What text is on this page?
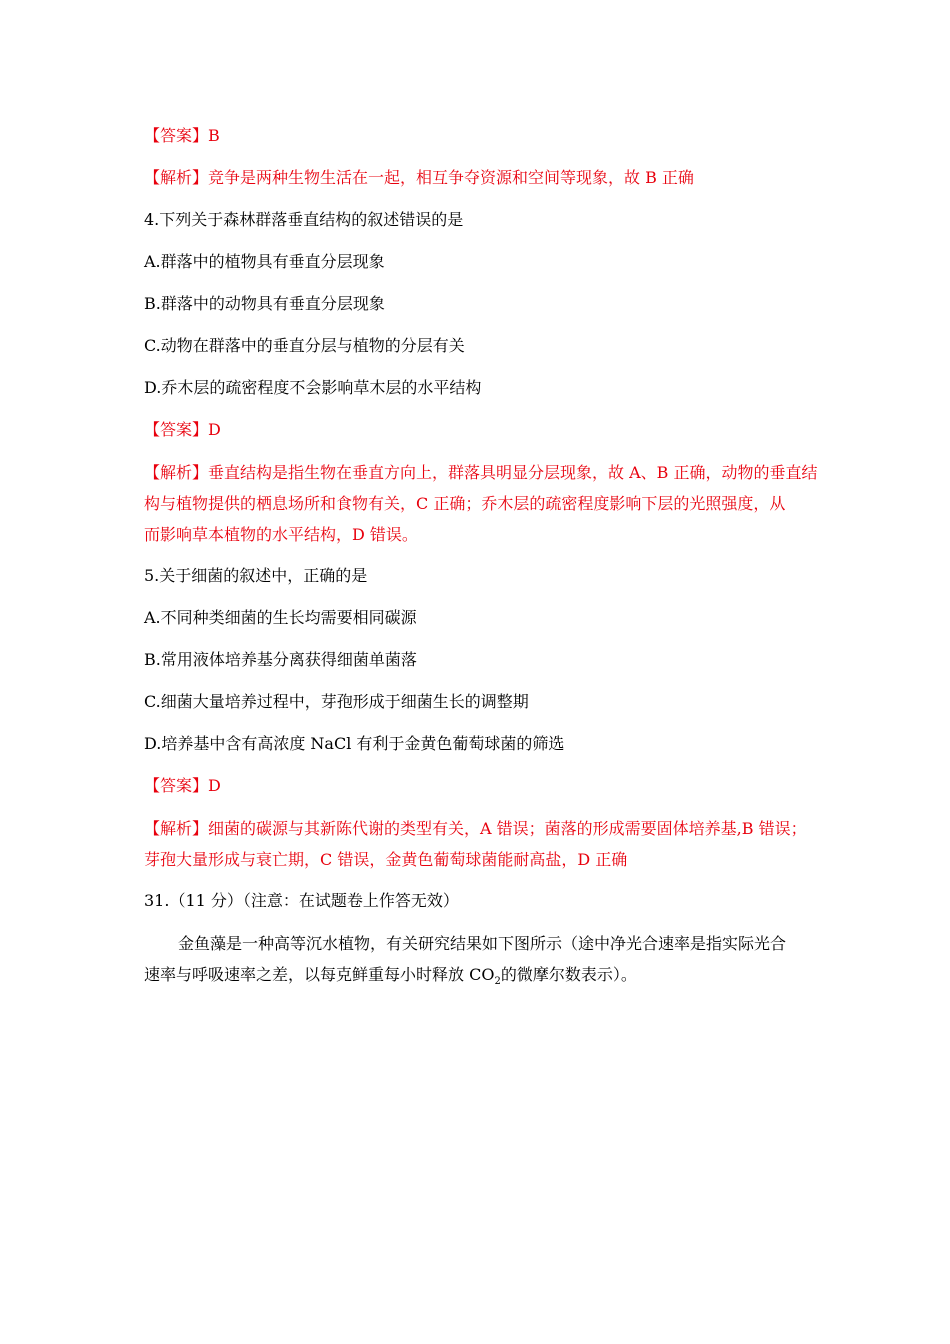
【答案】B
【解析】竞争是两种生物生活在一起，相互争夺资源和空间等现象，故 B 正确
4.下列关于森林群落垂直结构的叙述错误的是
A.群落中的植物具有垂直分层现象
B.群落中的动物具有垂直分层现象
C.动物在群落中的垂直分层与植物的分层有关
D.乔木层的疏密程度不会影响草木层的水平结构
【答案】D
【解析】垂直结构是指生物在垂直方向上，群落具明显分层现象，故 A、B 正确，动物的垂直结
构与植物提供的栖息场所和食物有关，C 正确；乔木层的疏密程度影响下层的光照强度，从
而影响草本植物的水平结构，D 错误。
5.关于细菌的叙述中，正确的是
A.不同种类细菌的生长均需要相同碳源
B.常用液体培养基分离获得细菌单菌落
C.细菌大量培养过程中，芽孢形成于细菌生长的调整期
D.培养基中含有高浓度 NaCl 有利于金黄色葡萄球菌的筛选
【答案】D
【解析】细菌的碳源与其新陈代谢的类型有关，A 错误；菌落的形成需要固体培养基,B 错误；
芽孢大量形成与衰亡期，C 错误，金黄色葡萄球菌能耐高盐，D 正确
31.（11 分）（注意：在试题卷上作答无效）
金鱼藻是一种高等沉水植物，有关研究结果如下图所示（途中净光合速率是指实际光合
速率与呼吸速率之差，以每克鲜重每小时释放 $CO_2$的微摩尔数表示）。
